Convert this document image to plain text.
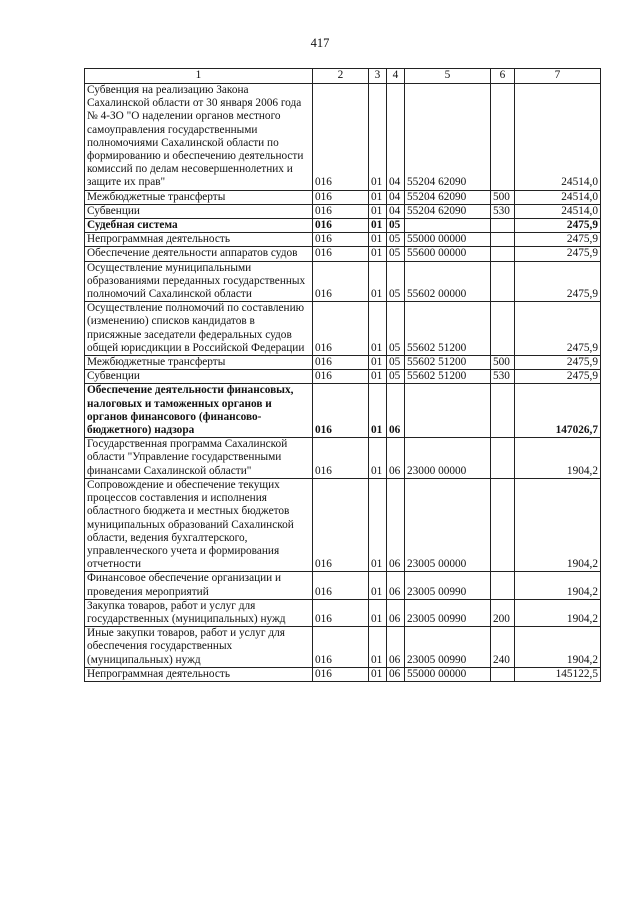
417
1	2	3	4	5	6	7
Субвенция на реализацию Закона Сахалинской области от 30 января 2006 года № 4-ЗО "О наделении органов местного самоуправления государственными полномочиями Сахалинской области по формированию и обеспечению деятельности комиссий по делам несовершеннолетних и защите их прав"	016	01	04	55204 62090		24514,0
Межбюджетные трансферты	016	01	04	55204 62090	500	24514,0
Субвенции	016	01	04	55204 62090	530	24514,0
Судебная система	016	01	05			2475,9
Непрограммная деятельность	016	01	05	55000 00000		2475,9
Обеспечение деятельности аппаратов судов	016	01	05	55600 00000		2475,9
Осуществление муниципальными образованиями переданных государственных полномочий Сахалинской области	016	01	05	55602 00000		2475,9
Осуществление полномочий по составлению (изменению) списков кандидатов в присяжные заседатели федеральных судов общей юрисдикции в Российской Федерации	016	01	05	55602 51200		2475,9
Межбюджетные трансферты	016	01	05	55602 51200	500	2475,9
Субвенции	016	01	05	55602 51200	530	2475,9
Обеспечение деятельности финансовых, налоговых и таможенных органов и органов финансового (финансово-бюджетного) надзора	016	01	06			147026,7
Государственная программа Сахалинской области "Управление государственными финансами Сахалинской области"	016	01	06	23000 00000		1904,2
Сопровождение и обеспечение текущих процессов составления и исполнения областного бюджета и местных бюджетов муниципальных образований Сахалинской области, ведения бухгалтерского, управленческого учета и формирования отчетности	016	01	06	23005 00000		1904,2
Финансовое обеспечение организации и проведения мероприятий	016	01	06	23005 00990		1904,2
Закупка товаров, работ и услуг для государственных (муниципальных) нужд	016	01	06	23005 00990	200	1904,2
Иные закупки товаров, работ и услуг для обеспечения государственных (муниципальных) нужд	016	01	06	23005 00990	240	1904,2
Непрограммная деятельность	016	01	06	55000 00000		145122,5
